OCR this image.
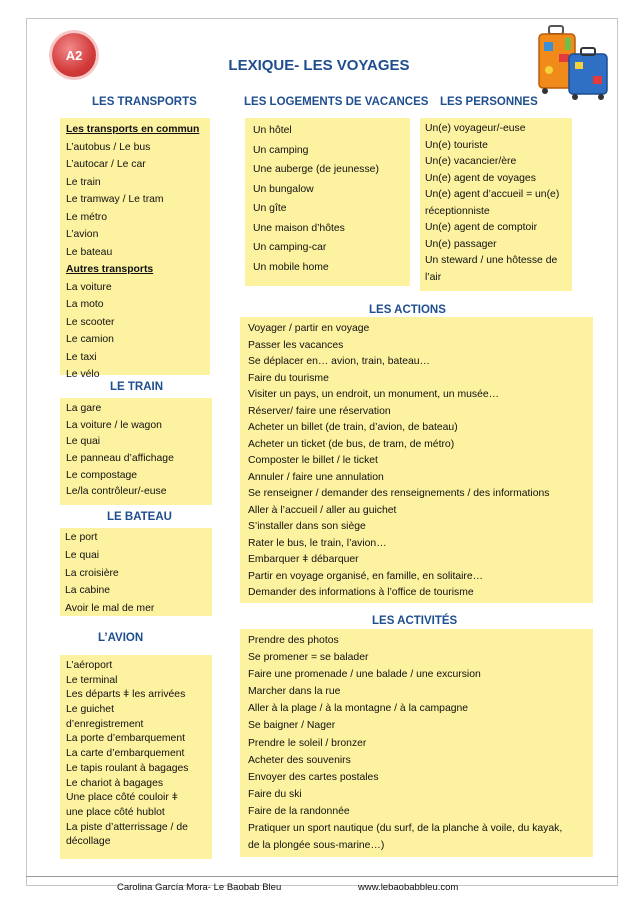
A2
LEXIQUE- LES VOYAGES
LES TRANSPORTS	LES LOGEMENTS DE VACANCES LES PERSONNES
LES ACTIONS
LE TRAIN
LE BATEAU
L’AVION
LES ACTIVITÉS
Les transports en commun
L’autobus / Le bus
L’autocar / Le car
Le train
Le tramway / Le tram
Le métro
L’avion
Le bateau
Autres transports
La voiture
La moto
Le scooter
Le camion
Le taxi
Le vélo
Un hôtel
Un camping
Une auberge (de jeunesse)
Un bungalow
Un gîte
Une maison d’hôtes
Un camping-car
Un mobile home
Un(e) voyageur/-euse
Un(e) touriste
Un(e) vacancier/ère
Un(e) agent de voyages
Un(e) agent d’accueil = un(e)
réceptionniste
Un(e) agent de comptoir
Un(e) passager
Un steward / une hôtesse de
l’air
Voyager / partir en voyage
Passer les vacances
Se déplacer en… avion, train, bateau…
Faire du tourisme
Visiter un pays, un endroit, un monument, un musée…
Réserver/ faire une réservation
Acheter un billet (de train, d’avion, de bateau)
Acheter un ticket (de bus, de tram, de métro)
Composter le billet / le ticket
Annuler / faire une annulation
Se renseigner / demander des renseignements / des informations
Aller à l’accueil / aller au guichet
S’installer dans son siège
Rater le bus, le train, l’avion…
Embarquer ǂ débarquer
Partir en voyage organisé, en famille, en solitaire…
Demander des informations à l’office de tourisme
La gare
La voiture / le wagon
Le quai
Le panneau d’affichage
Le compostage
Le/la contrôleur/-euse
Le port
Le quai
La croisière
La cabine
Avoir le mal de mer
L’aéroport
Le terminal
Les départs ǂ les arrivées
Le guichet
d’enregistrement
La porte d’embarquement
La carte d’embarquement
Le tapis roulant à bagages
Le chariot à bagages
Une place côté couloir ǂ
une place côté hublot
La piste d’atterrissage / de
décollage
Prendre des photos
Se promener = se balader
Faire une promenade / une balade / une excursion
Marcher dans la rue
Aller à la plage / à la montagne / à la campagne
Se baigner / Nager
Prendre le soleil / bronzer
Acheter des souvenirs
Envoyer des cartes postales
Faire du ski
Faire de la randonnée
Pratiquer un sport nautique (du surf, de la planche à voile, du kayak,
de la plongée sous-marine…)
Carolina García Mora- Le Baobab Bleu	www.lebaobabbleu.com
